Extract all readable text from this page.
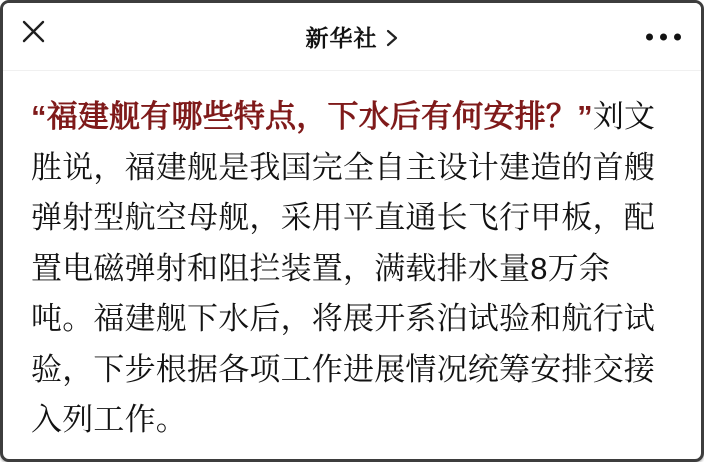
新华社
“福建舰有哪些特点，下水后有何安排？”刘文
胜说，福建舰是我国完全自主设计建造的首艘
弹射型航空母舰，采用平直通长飞行甲板，配
置电磁弹射和阻拦装置，满载排水量8万余
吨。福建舰下水后，将展开系泊试验和航行试
验，下步根据各项工作进展情况统筹安排交接
入列工作。
